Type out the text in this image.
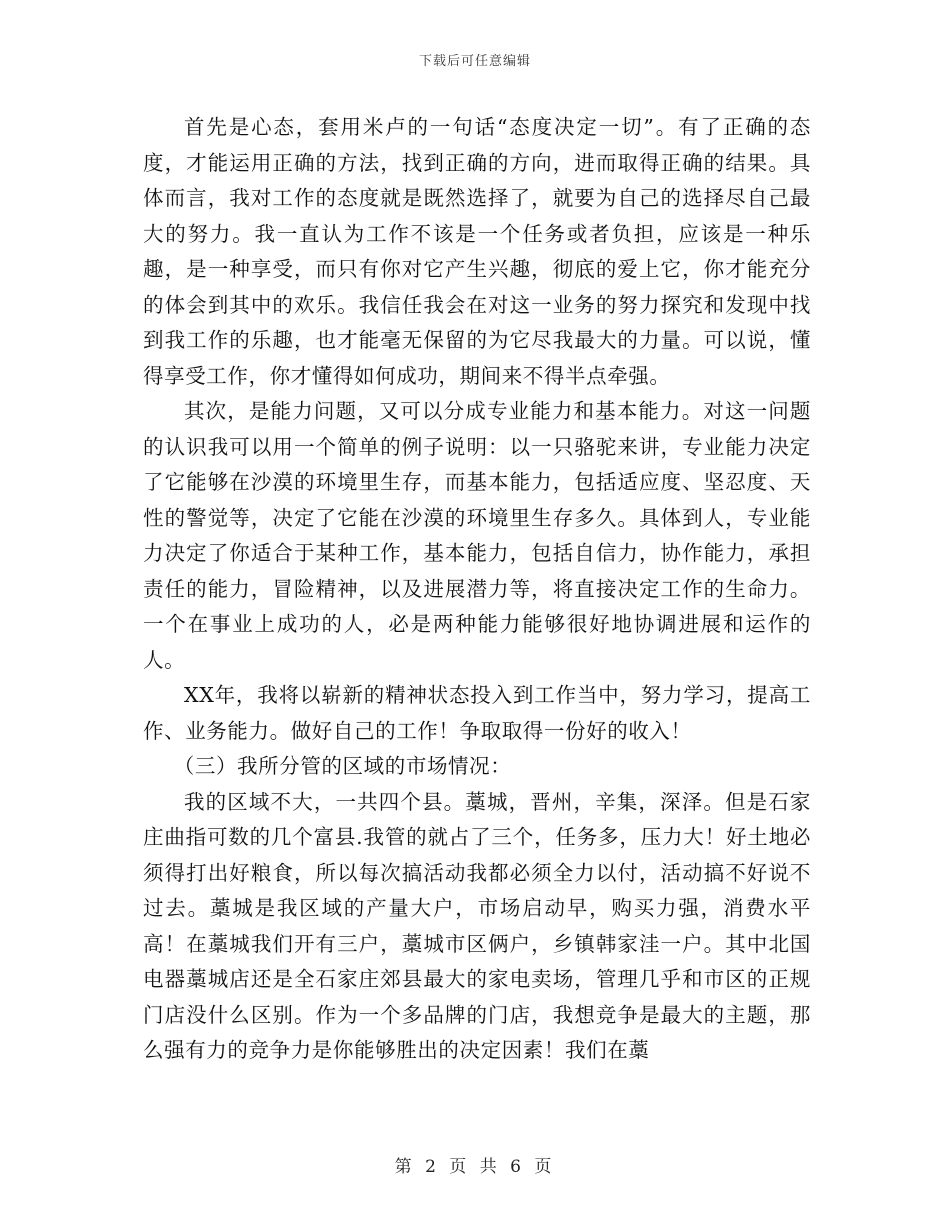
下载后可任意编辑

首先是心态，套用米卢的一句话“态度决定一切”。有了正确的态度，才能运用正确的方法，找到正确的方向，进而取得正确的结果。具体而言，我对工作的态度就是既然选择了，就要为自己的选择尽自己最大的努力。我一直认为工作不该是一个任务或者负担，应该是一种乐趣，是一种享受，而只有你对它产生兴趣，彻底的爱上它，你才能充分的体会到其中的欢乐。我信任我会在对这一业务的努力探究和发现中找到我工作的乐趣，也才能毫无保留的为它尽我最大的力量。可以说，懂得享受工作，你才懂得如何成功，期间来不得半点牵强。

其次，是能力问题，又可以分成专业能力和基本能力。对这一问题的认识我可以用一个简单的例子说明：以一只骆驼来讲，专业能力决定了它能够在沙漠的环境里生存，而基本能力，包括适应度、坚忍度、天性的警觉等，决定了它能在沙漠的环境里生存多久。具体到人，专业能力决定了你适合于某种工作，基本能力，包括自信力，协作能力，承担责任的能力，冒险精神，以及进展潜力等，将直接决定工作的生命力。一个在事业上成功的人，必是两种能力能够很好地协调进展和运作的人。

XX年，我将以崭新的精神状态投入到工作当中，努力学习，提高工作、业务能力。做好自己的工作！争取取得一份好的收入！

（三）我所分管的区域的市场情况：

我的区域不大，一共四个县。藁城，晋州，辛集，深泽。但是石家庄曲指可数的几个富县.我管的就占了三个，任务多，压力大！好土地必须得打出好粮食，所以每次搞活动我都必须全力以付，活动搞不好说不过去。藁城是我区域的产量大户，市场启动早，购买力强，消费水平高！在藁城我们开有三户，藁城市区俩户，乡镇韩家洼一户。其中北国电器藁城店还是全石家庄郊县最大的家电卖场，管理几乎和市区的正规门店没什么区别。作为一个多品牌的门店，我想竞争是最大的主题，那么强有力的竞争力是你能够胜出的决定因素！我们在藁

第 2 页 共 6 页
